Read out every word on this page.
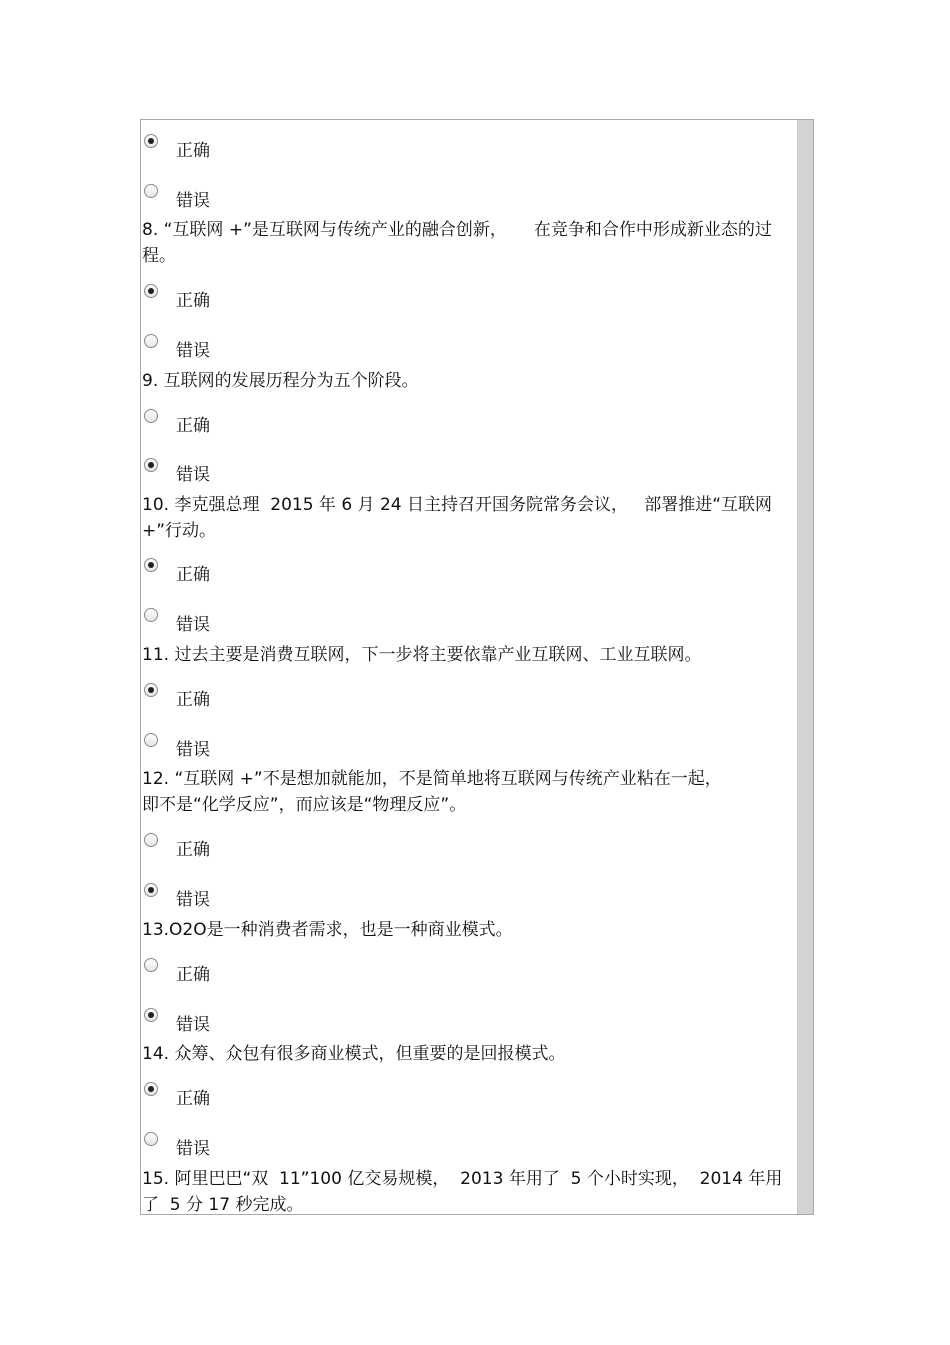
正确
错误
8. “互联网 +”是互联网与传统产业的融合创新，     在竞争和合作中形成新业态的过程。
正确
错误
9. 互联网的发展历程分为五个阶段。
正确
错误
10. 李克强总理  2015 年 6 月 24 日主持召开国务院常务会议，   部署推进“互联网 +”行动。
正确
错误
11. 过去主要是消费互联网，下一步将主要依靠产业互联网、工业互联网。
正确
错误
12. “互联网 +”不是想加就能加，不是简单地将互联网与传统产业粘在一起，
即不是“化学反应”，而应该是“物理反应”。
正确
错误
13.O2O是一种消费者需求，也是一种商业模式。
正确
错误
14. 众筹、众包有很多商业模式，但重要的是回报模式。
正确
错误
15. 阿里巴巴“双  11”100 亿交易规模，  2013 年用了  5 个小时实现，  2014 年用了  5 分 17 秒完成。
